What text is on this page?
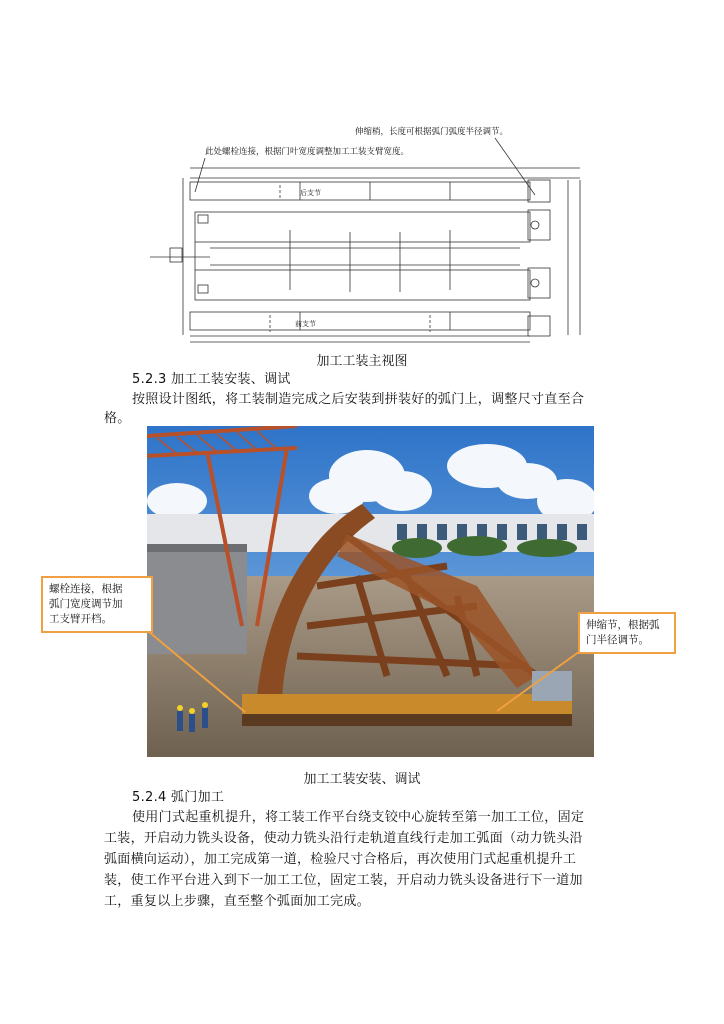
伸缩梢，长度可根据弧门弧度半径调节。
此处螺栓连接，根据门叶宽度调整加工工装支臂宽度。
后支节
前支节
加工工装主视图
5.2.3 加工工装安装、调试
按照设计图纸，将工装制造完成之后安装到拼装好的弧门上，调整尺寸直至合
格。
螺栓连接，根据
弧门宽度调节加
工支臂开档。	伸缩节，根据弧
门半径调节。
加工工装安装、调试
5.2.4 弧门加工
使用门式起重机提升，将工装工作平台绕支铰中心旋转至第一加工工位，固定
工装，开启动力铣头设备，使动力铣头沿行走轨道直线行走加工弧面（动力铣头沿
弧面横向运动），加工完成第一道，检验尺寸合格后，再次使用门式起重机提升工
装，使工作平台进入到下一加工工位，固定工装，开启动力铣头设备进行下一道加
工，重复以上步骤，直至整个弧面加工完成。
